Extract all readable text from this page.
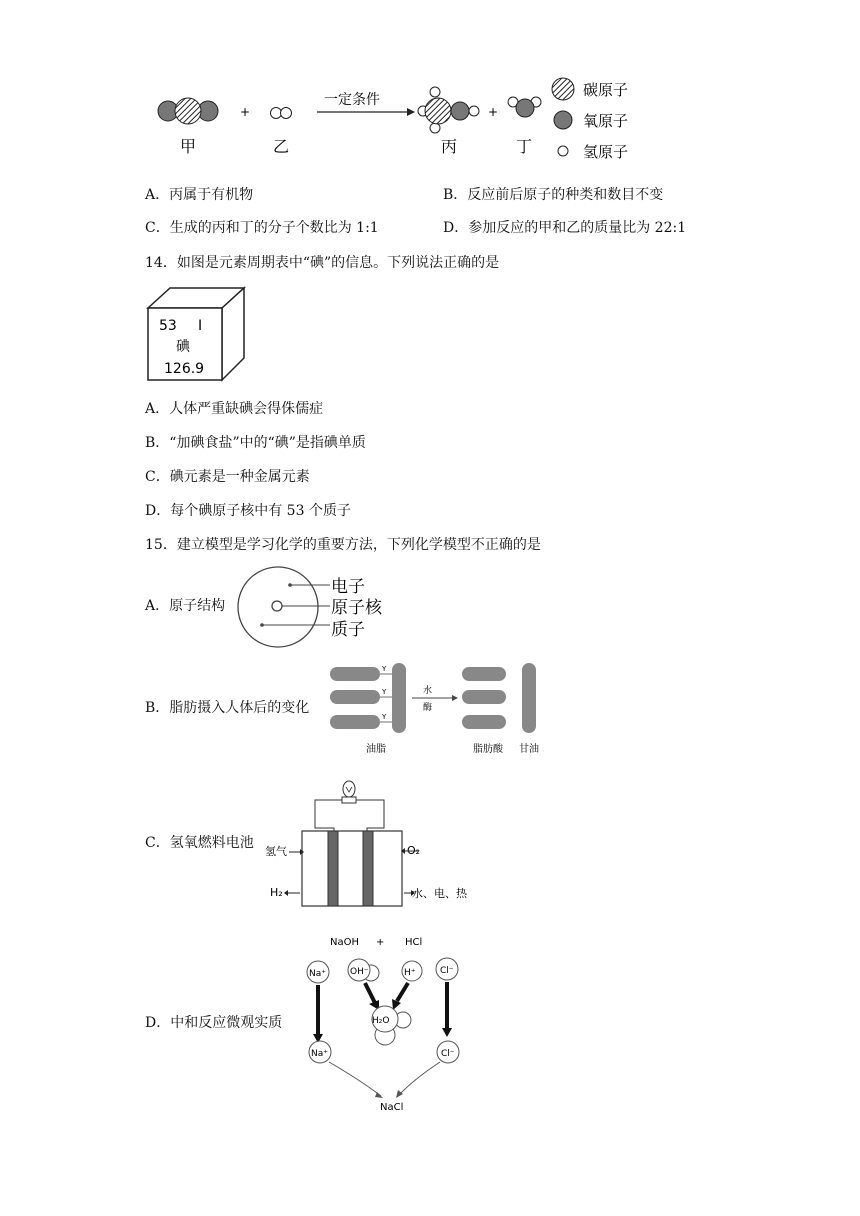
+
一定条件
+
甲	乙	丙	丁
碳原子
氧原子
氢原子
A．丙属于有机物	B．反应前后原子的种类和数目不变
C．生成的丙和丁的分子个数比为 1:1	D．参加反应的甲和乙的质量比为 22:1
14．如图是元素周期表中“碘”的信息。下列说法正确的是
53 I
碘
126.9
A．人体严重缺碘会得侏儒症
B．“加碘食盐”中的“碘”是指碘单质
C．碘元素是一种金属元素
D．每个碘原子核中有 53 个质子
15．建立模型是学习化学的重要方法，下列化学模型不正确的是
A．原子结构
电子
原子核
质子
B．脂肪摄入人体后的变化
Y
Y
Y
水
酶
油脂	脂肪酸 甘油
C．氢氧燃料电池
氢气	O₂
H₂	水、电、热
D．中和反应微观实质
NaOH + HCl
Na⁺	OH⁻	H⁺	Cl⁻
H₂O
Na⁺	Cl⁻
NaCl
